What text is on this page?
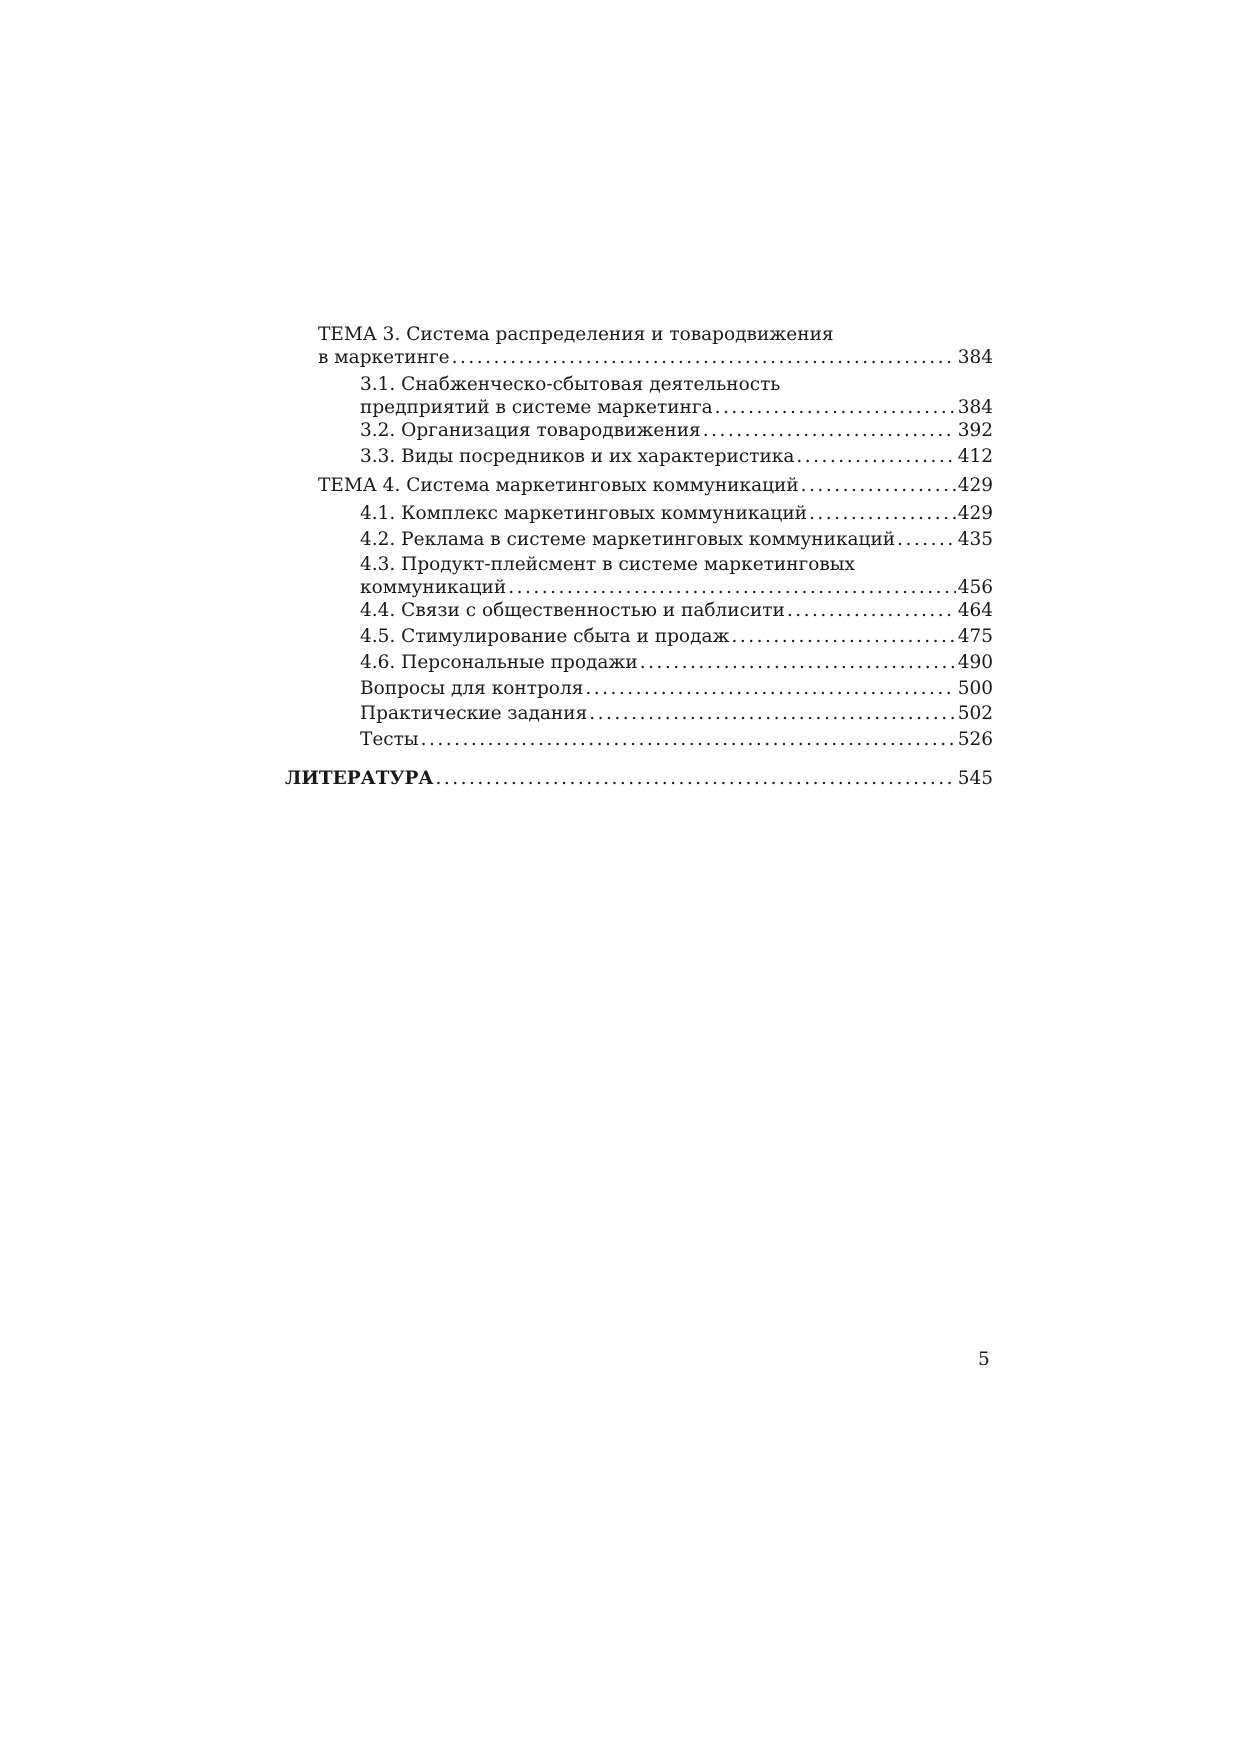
ТЕМА 3. Система распределения и товародвижения
в маркетинге .....	384
3.1. Снабженческо-сбытовая деятельность
предприятий в системе маркетинга .....	384
3.2. Организация товародвижения .....	392
3.3. Виды посредников и их характеристика .....	412
ТЕМА 4. Система маркетинговых коммуникаций .....	429
4.1. Комплекс маркетинговых коммуникаций .....	429
4.2. Реклама в системе маркетинговых коммуникаций .....	435
4.3. Продукт-плейсмент в системе маркетинговых
коммуникаций .....	456
4.4. Связи с общественностью и паблисити .....	464
4.5. Стимулирование сбыта и продаж .....	475
4.6. Персональные продажи .....	490
Вопросы для контроля .....	500
Практические задания .....	502
Тесты .....	526
ЛИТЕРАТУРА .....	545
5
